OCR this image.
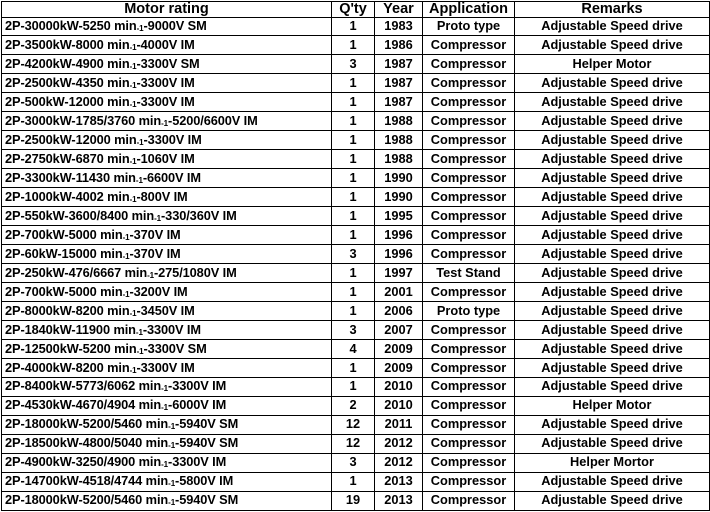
Motor rating	Q'ty	Year	Application	Remarks
2P-30000kW-5250 $\min_{-1}-9000V$ SM	1	1983	Proto type	Adjustable Speed drive
2P-3500kW-8000 $\min_{-1}-4000V$ IM	1	1986	Compressor	Adjustable Speed drive
2P-4200kW-4900 $\min_{-1}-3300V$ SM	3	1987	Compressor	Helper Motor
2P-2500kW-4350 $\min_{-1}-3300V$ IM	1	1987	Compressor	Adjustable Speed drive
2P-500kW-12000 $\min_{-1}-3300V$ IM	1	1987	Compressor	Adjustable Speed drive
2P-3000kW-1785/3760 $\min_{-1}-5200/6600V$ IM	1	1988	Compressor	Adjustable Speed drive
2P-2500kW-12000 $\min_{-1}-3300V$ IM	1	1988	Compressor	Adjustable Speed drive
2P-2750kW-6870 $\min_{-1}-1060V$ IM	1	1988	Compressor	Adjustable Speed drive
2P-3300kW-11430 $\min_{-1}-6600V$ IM	1	1990	Compressor	Adjustable Speed drive
2P-1000kW-4002 $\min_{-1}-800V$ IM	1	1990	Compressor	Adjustable Speed drive
2P-550kW-3600/8400 $\min_{-1}-330/360V$ IM	1	1995	Compressor	Adjustable Speed drive
2P-700kW-5000 $\min_{-1}-370V$ IM	1	1996	Compressor	Adjustable Speed drive
2P-60kW-15000 $\min_{-1}-370V$ IM	3	1996	Compressor	Adjustable Speed drive
2P-250kW-476/6667 $\min_{-1}-275/1080V$ IM	1	1997	Test Stand	Adjustable Speed drive
2P-700kW-5000 $\min_{-1}-3200V$ IM	1	2001	Compressor	Adjustable Speed drive
2P-8000kW-8200 $\min_{-1}-3450V$ IM	1	2006	Proto type	Adjustable Speed drive
2P-1840kW-11900 $\min_{-1}-3300V$ IM	3	2007	Compressor	Adjustable Speed drive
2P-12500kW-5200 $\min_{-1}-3300V$ SM	4	2009	Compressor	Adjustable Speed drive
2P-4000kW-8200 $\min_{-1}-3300V$ IM	1	2009	Compressor	Adjustable Speed drive
2P-8400kW-5773/6062 $\min_{-1}-3300V$ IM	1	2010	Compressor	Adjustable Speed drive
2P-4530kW-4670/4904 $\min_{-1}-6000V$ IM	2	2010	Compressor	Helper Motor
2P-18000kW-5200/5460 $\min_{-1}-5940V$ SM	12	2011	Compressor	Adjustable Speed drive
2P-18500kW-4800/5040 $\min_{-1}-5940V$ SM	12	2012	Compressor	Adjustable Speed drive
2P-4900kW-3250/4900 $\min_{-1}-3300V$ IM	3	2012	Compressor	Helper Mortor
2P-14700kW-4518/4744 $\min_{-1}-5800V$ IM	1	2013	Compressor	Adjustable Speed drive
2P-18000kW-5200/5460 $\min_{-1}-5940V$ SM	19	2013	Compressor	Adjustable Speed drive
